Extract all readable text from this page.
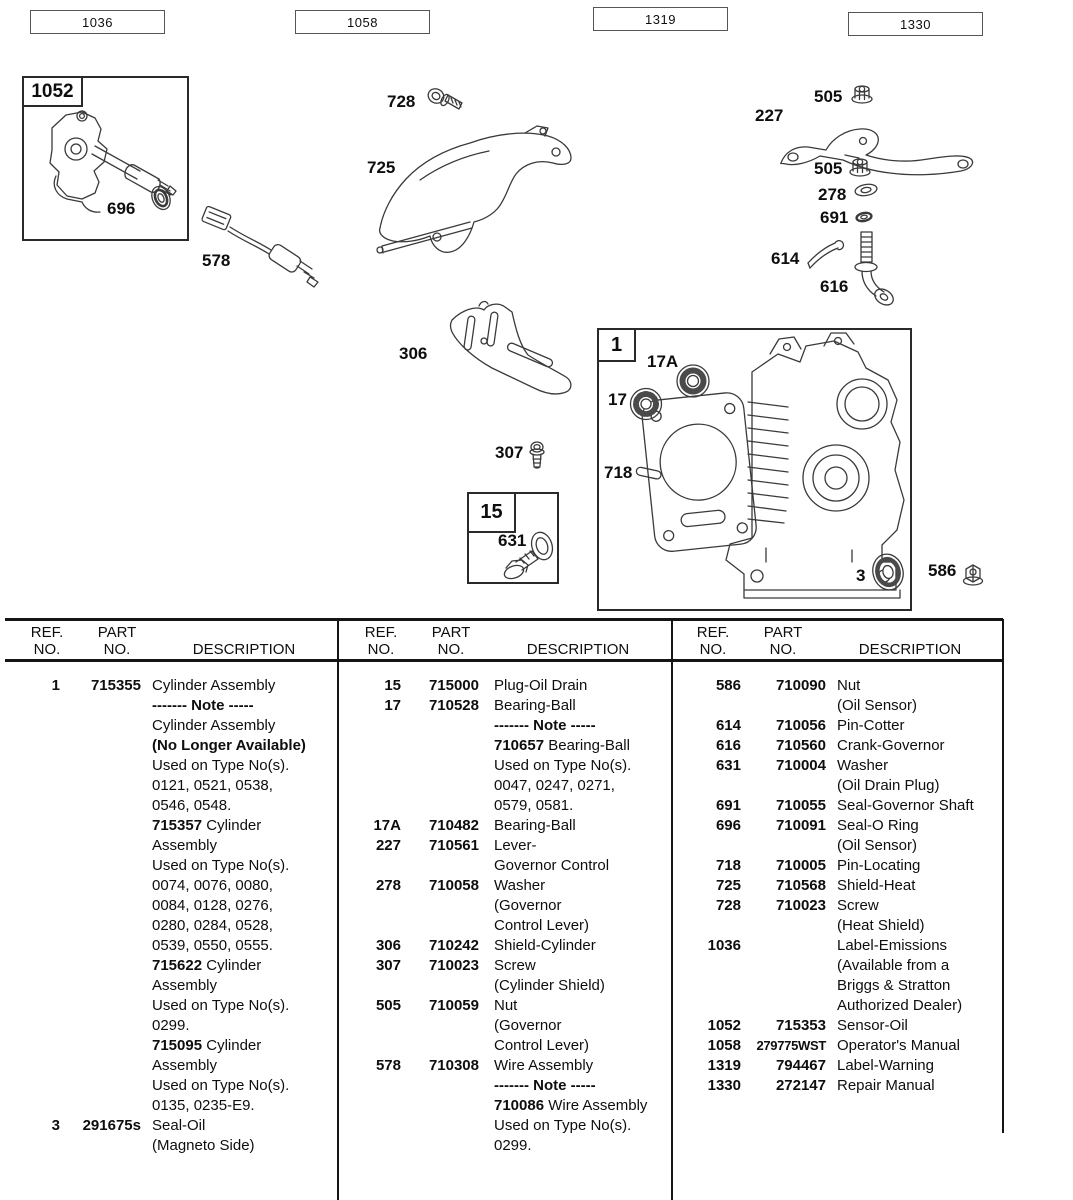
1036	1058	1319	1330
1052
15
1
696
578
728
725
306
307
631
17A
17
718
3	586
505
227
505
278
691
614
616
REF.
NO.
PART
NO.	DESCRIPTION
REF.
NO.
PART
NO.	DESCRIPTION
REF.
NO.
PART
NO.	DESCRIPTION
1	715355 Cylinder Assembly
------- Note -----
Cylinder Assembly
(No Longer Available)
Used on Type No(s).
0121, 0521, 0538,
0546, 0548.
715357 Cylinder
Assembly
Used on Type No(s).
0074, 0076, 0080,
0084, 0128, 0276,
0280, 0284, 0528,
0539, 0550, 0555.
715622 Cylinder
Assembly
Used on Type No(s).
0299.
715095 Cylinder
Assembly
Used on Type No(s).
0135, 0235-E9.
3	291675s Seal-Oil
(Magneto Side)
15	715000 Plug-Oil Drain
17	710528 Bearing-Ball
------- Note -----
710657 Bearing-Ball
Used on Type No(s).
0047, 0247, 0271,
0579, 0581.
17A	710482 Bearing-Ball
227	710561 Lever-
Governor Control
278	710058 Washer
(Governor
Control Lever)
306	710242 Shield-Cylinder
307	710023 Screw
(Cylinder Shield)
505	710059 Nut
(Governor
Control Lever)
578	710308 Wire Assembly
------- Note -----
710086 Wire Assembly
Used on Type No(s).
0299.
586	710090 Nut
(Oil Sensor)
614	710056 Pin-Cotter
616	710560 Crank-Governor
631	710004 Washer
(Oil Drain Plug)
691	710055 Seal-Governor Shaft
696	710091 Seal-O Ring
(Oil Sensor)
718	710005 Pin-Locating
725	710568 Shield-Heat
728	710023 Screw
(Heat Shield)
1036	Label-Emissions
(Available from a
Briggs & Stratton
Authorized Dealer)
1052	715353 Sensor-Oil
1058	279775WST Operator's Manual
1319	794467 Label-Warning
1330	272147 Repair Manual
